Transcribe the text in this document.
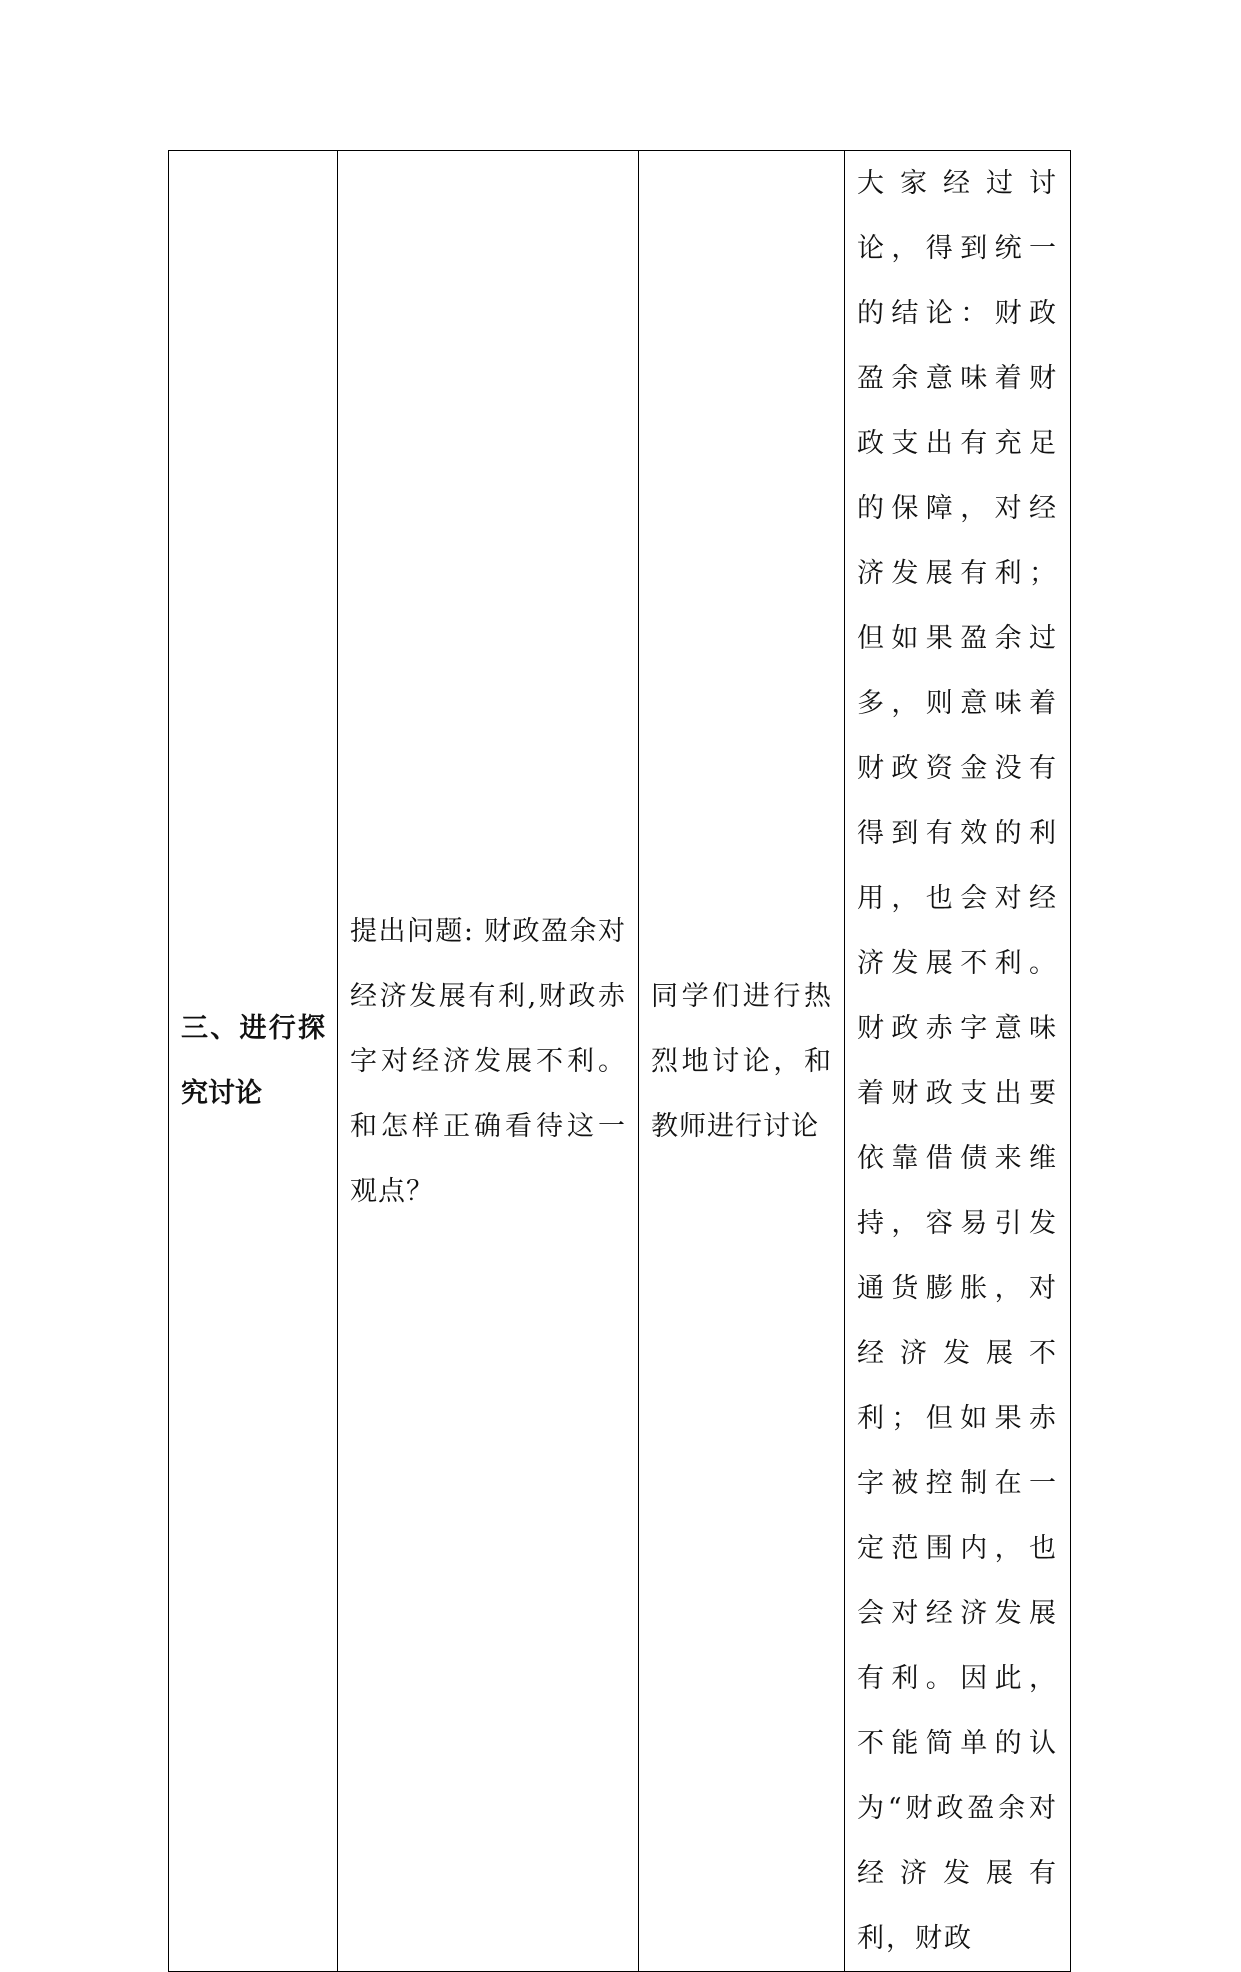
三、进行探究讨论	提出问题: 财政盈余对经济发展有利,财政赤字对经济发展不利。和怎样正确看待这一观点？	同学们进行热烈地讨论，和教师进行讨论	大家经过讨论，得到统一的结论：财政盈余意味着财政支出有充足的保障，对经济发展有利；但如果盈余过多，则意味着财政资金没有得到有效的利用，也会对经济发展不利。财政赤字意味着财政支出要依靠借债来维持，容易引发通货膨胀，对经济发展不利；但如果赤字被控制在一定范围内，也会对经济发展有利。因此，不能简单的认为“财政盈余对经济发展有利，财政
